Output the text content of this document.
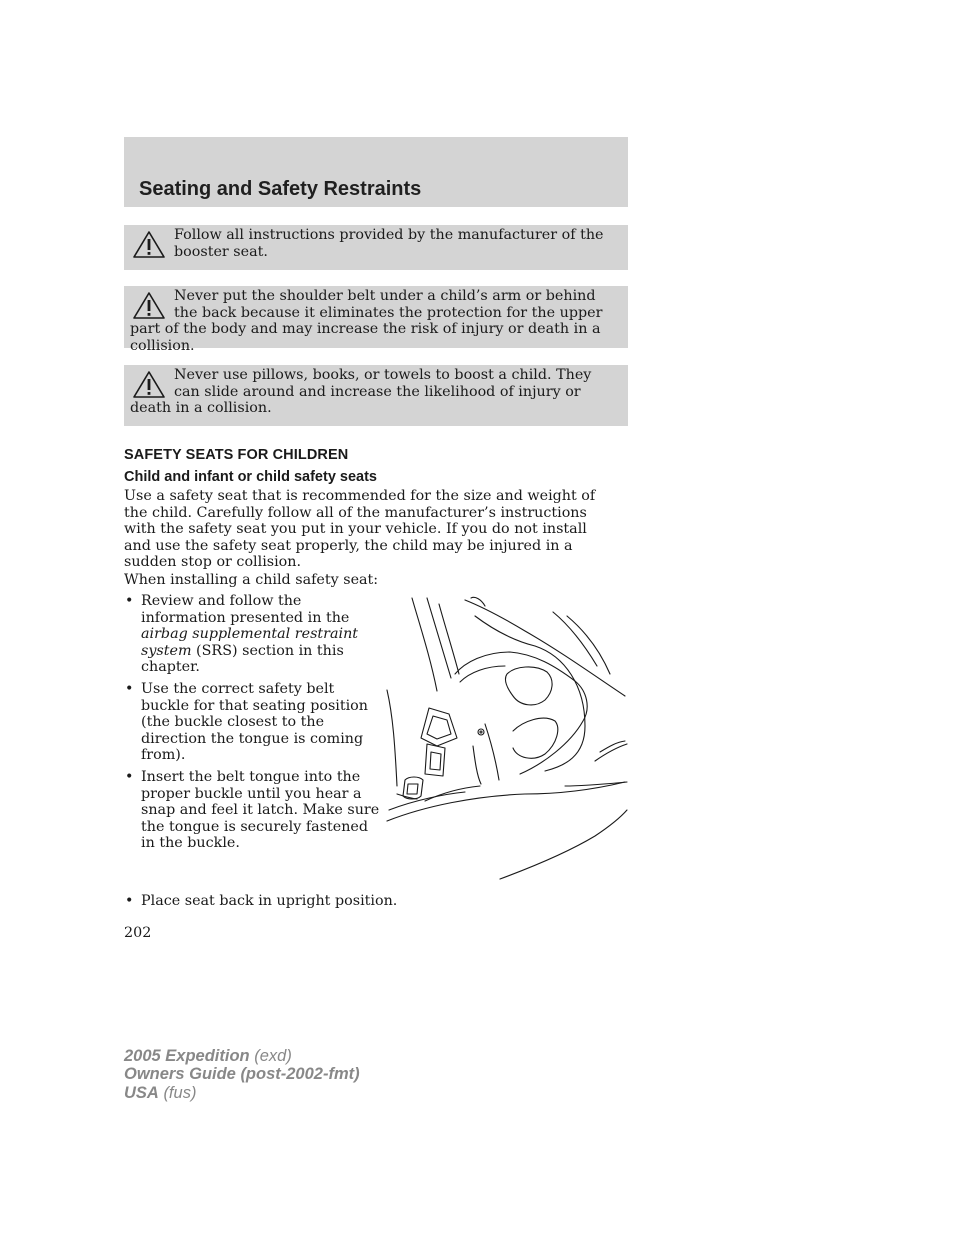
Seating and Safety Restraints
Follow all instructions provided by the manufacturer of the booster seat.
Never put the shoulder belt under a child’s arm or behind the back because it eliminates the protection for the upper part of the body and may increase the risk of injury or death in a collision.
Never use pillows, books, or towels to boost a child. They can slide around and increase the likelihood of injury or death in a collision.
SAFETY SEATS FOR CHILDREN
Child and infant or child safety seats
Use a safety seat that is recommended for the size and weight of the child. Carefully follow all of the manufacturer’s instructions with the safety seat you put in your vehicle. If you do not install and use the safety seat properly, the child may be injured in a sudden stop or collision.
When installing a child safety seat:
• Review and follow the information presented in the airbag supplemental restraint system (SRS) section in this chapter.
• Use the correct safety belt buckle for that seating position (the buckle closest to the direction the tongue is coming from).
• Insert the belt tongue into the proper buckle until you hear a snap and feel it latch. Make sure the tongue is securely fastened in the buckle.
• Place seat back in upright position.
202
2005 Expedition (exd)
Owners Guide (post-2002-fmt)
USA (fus)
